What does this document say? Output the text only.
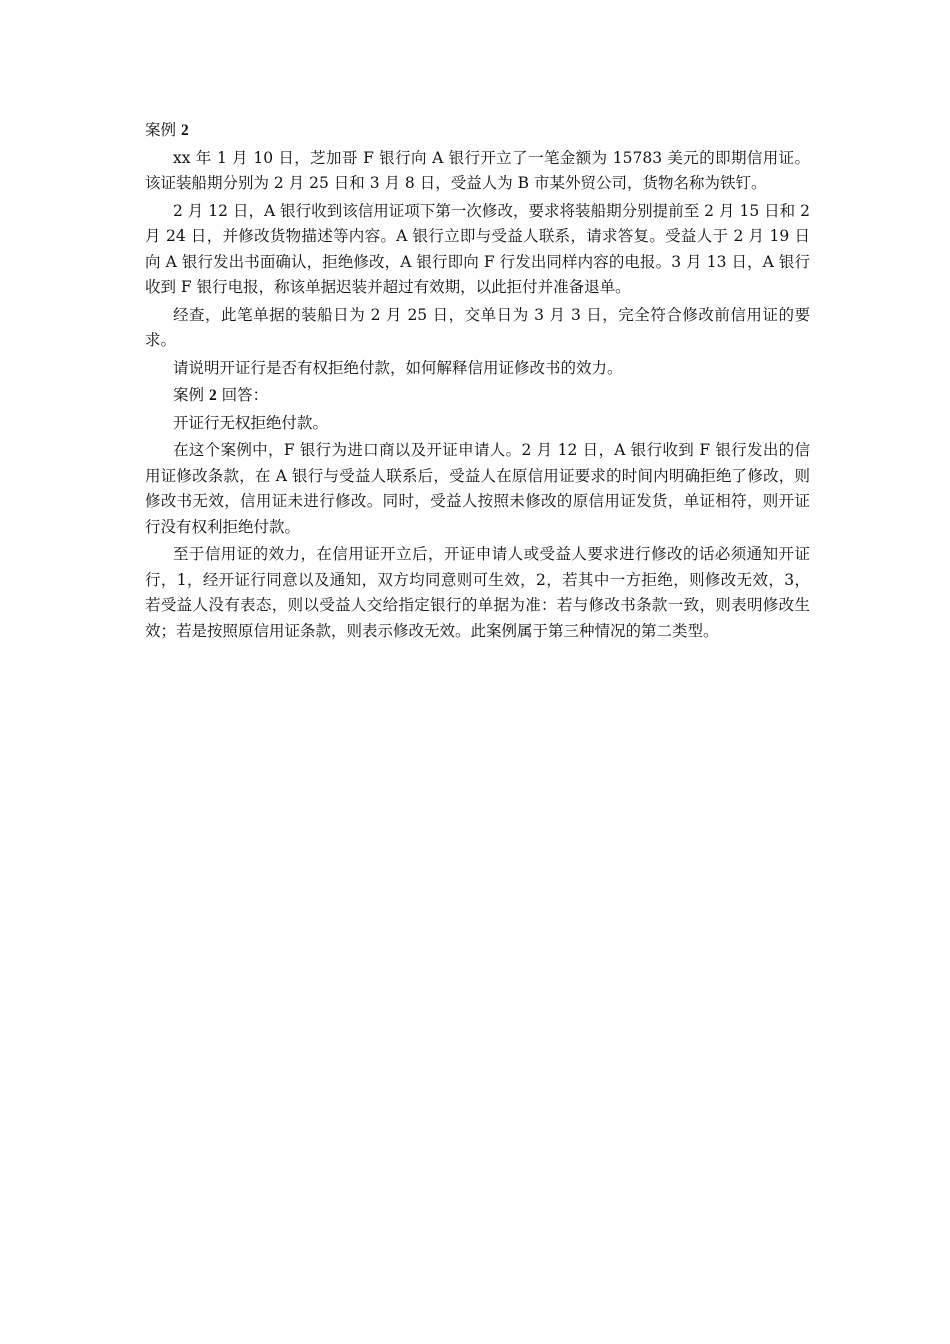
案例 2

xx 年 1 月 10 日，芝加哥 F 银行向 A 银行开立了一笔金额为 15783 美元的即期信用证。该证装船期分别为 2 月 25 日和 3 月 8 日，受益人为 B 市某外贸公司，货物名称为铁钉。

2 月 12 日，A 银行收到该信用证项下第一次修改，要求将装船期分别提前至 2 月 15 日和 2 月 24 日，并修改货物描述等内容。A 银行立即与受益人联系，请求答复。受益人于 2 月 19 日向 A 银行发出书面确认，拒绝修改，A 银行即向 F 行发出同样内容的电报。3 月 13 日，A 银行收到 F 银行电报，称该单据迟装并超过有效期，以此拒付并准备退单。

经查，此笔单据的装船日为 2 月 25 日，交单日为 3 月 3 日，完全符合修改前信用证的要求。

请说明开证行是否有权拒绝付款，如何解释信用证修改书的效力。

案例 2 回答：

开证行无权拒绝付款。

在这个案例中，F 银行为进口商以及开证申请人。2 月 12 日，A 银行收到 F 银行发出的信用证修改条款，在 A 银行与受益人联系后，受益人在原信用证要求的时间内明确拒绝了修改，则修改书无效，信用证未进行修改。同时，受益人按照未修改的原信用证发货，单证相符，则开证行没有权利拒绝付款。

至于信用证的效力，在信用证开立后，开证申请人或受益人要求进行修改的话必须通知开证行，1，经开证行同意以及通知，双方均同意则可生效，2，若其中一方拒绝，则修改无效，3，若受益人没有表态，则以受益人交给指定银行的单据为准：若与修改书条款一致，则表明修改生效；若是按照原信用证条款，则表示修改无效。此案例属于第三种情况的第二类型。
